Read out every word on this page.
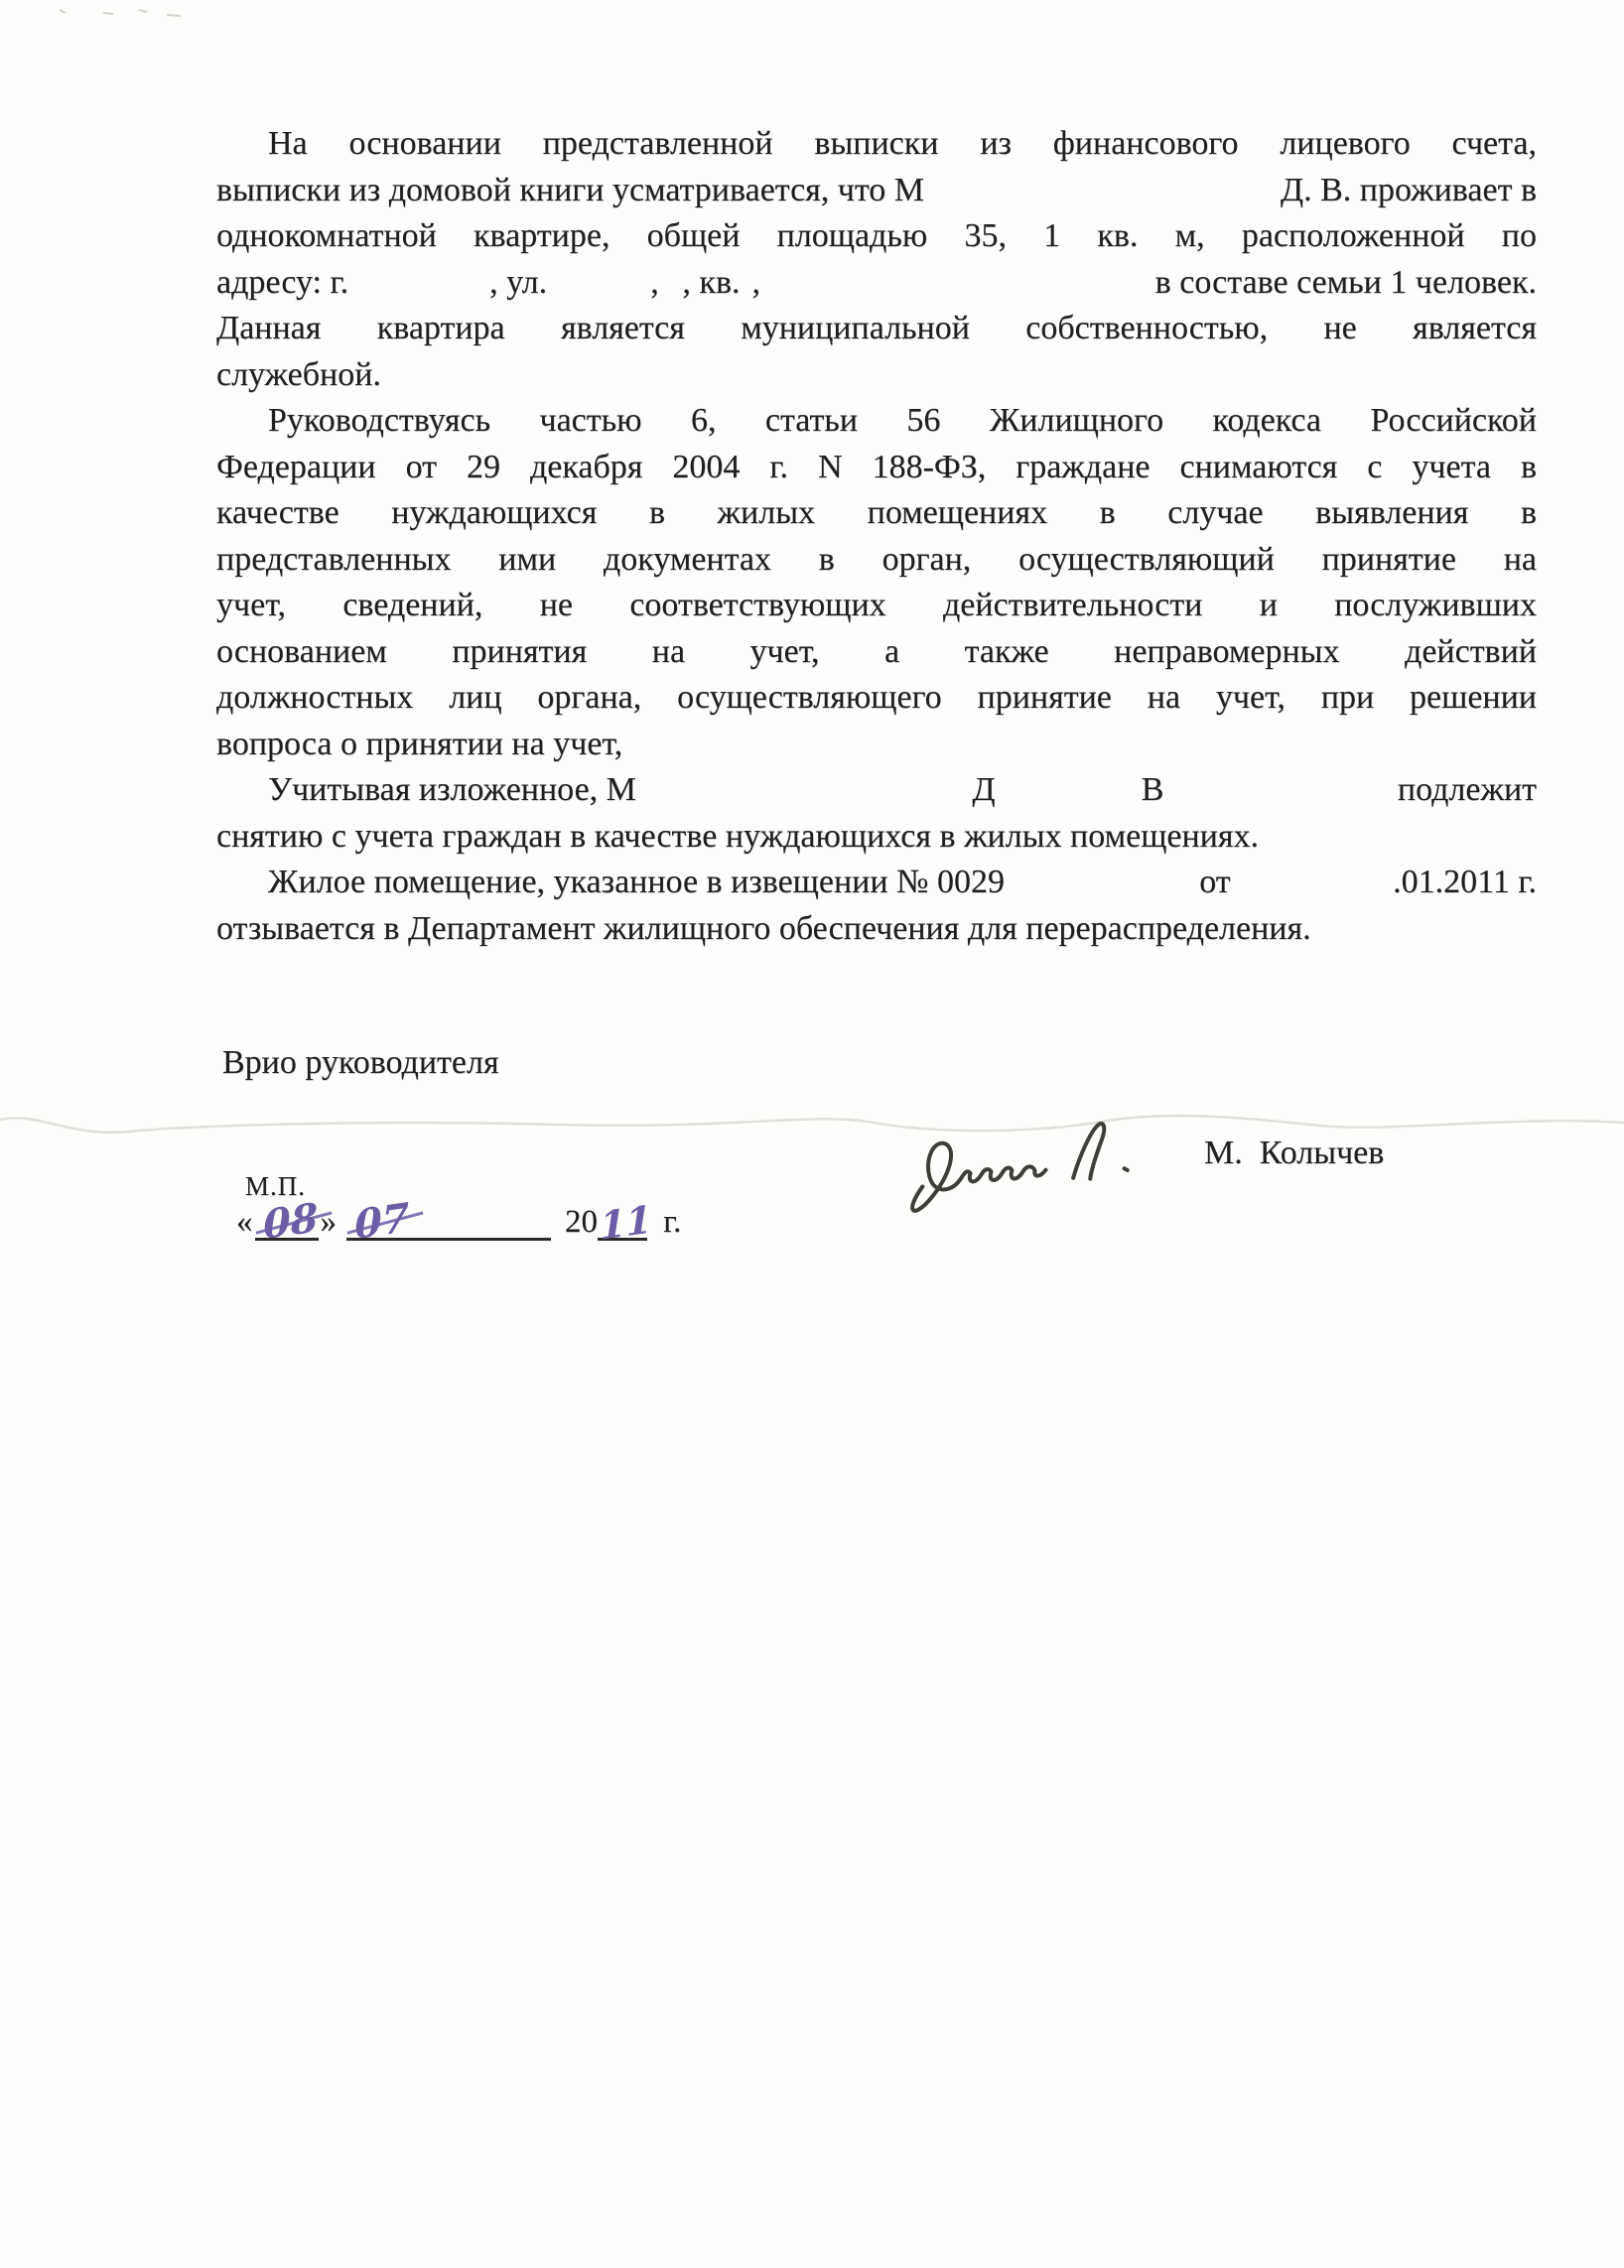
На основании представленной выписки из финансового лицевого счета,
выписки из домовой книги усматривается, что М	Д. В. проживает в
однокомнатной квартире, общей площадью 35, 1 кв. м, расположенной по
адресу: г.	, ул.	, , кв. ,	в составе семьи 1 человек.
Данная квартира является муниципальной собственностью, не является
служебной.
Руководствуясь частью 6, статьи 56 Жилищного кодекса Российской
Федерации от 29 декабря 2004 г. N 188-ФЗ, граждане снимаются с учета в
качестве нуждающихся в жилых помещениях в случае выявления в
представленных ими документах в орган, осуществляющий принятие на
учет, сведений, не соответствующих действительности и послуживших
основанием принятия на учет, а также неправомерных действий
должностных лиц органа, осуществляющего принятие на учет, при решении
вопроса о принятии на учет,
Учитывая изложенное, М	Д	В	подлежит
снятию с учета граждан в качестве нуждающихся в жилых помещениях.
Жилое помещение, указанное в извещении № 0029	от	.01.2011 г.
отзывается в Департамент жилищного обеспечения для перераспределения.
Врио руководителя
М.  Колычев
М.П.
« 08 » 07	20 11 г.
